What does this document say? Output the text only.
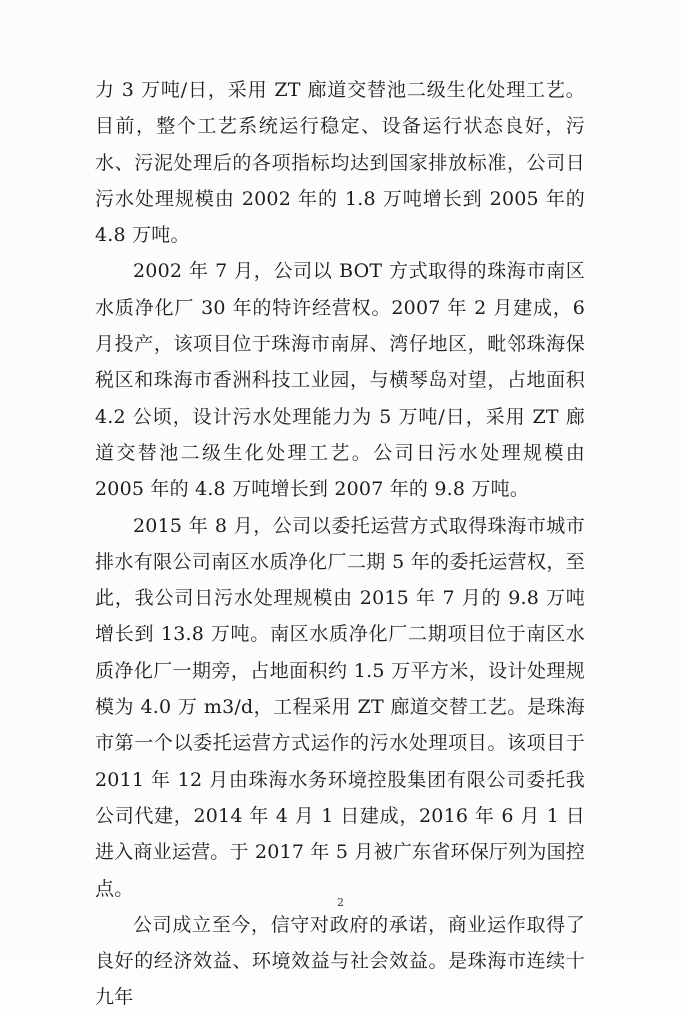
力 3 万吨/日，采用 ZT 廊道交替池二级生化处理工艺。目前，整个工艺系统运行稳定、设备运行状态良好，污水、污泥处理后的各项指标均达到国家排放标准，公司日污水处理规模由 2002 年的 1.8 万吨增长到 2005 年的 4.8 万吨。

2002 年 7 月，公司以 BOT 方式取得的珠海市南区水质净化厂 30 年的特许经营权。2007 年 2 月建成，6 月投产，该项目位于珠海市南屏、湾仔地区，毗邻珠海保税区和珠海市香洲科技工业园，与横琴岛对望，占地面积 4.2 公顷，设计污水处理能力为 5 万吨/日，采用 ZT 廊道交替池二级生化处理工艺。公司日污水处理规模由 2005 年的 4.8 万吨增长到 2007 年的 9.8 万吨。

2015 年 8 月，公司以委托运营方式取得珠海市城市排水有限公司南区水质净化厂二期 5 年的委托运营权，至此，我公司日污水处理规模由 2015 年 7 月的 9.8 万吨增长到 13.8 万吨。南区水质净化厂二期项目位于南区水质净化厂一期旁，占地面积约 1.5 万平方米，设计处理规模为 4.0 万 m3/d，工程采用 ZT 廊道交替工艺。是珠海市第一个以委托运营方式运作的污水处理项目。该项目于 2011 年 12 月由珠海水务环境控股集团有限公司委托我公司代建，2014 年 4 月 1 日建成，2016 年 6 月 1 日进入商业运营。于 2017 年 5 月被广东省环保厅列为国控点。

公司成立至今，信守对政府的承诺，商业运作取得了良好的经济效益、环境效益与社会效益。是珠海市连续十九年

2
